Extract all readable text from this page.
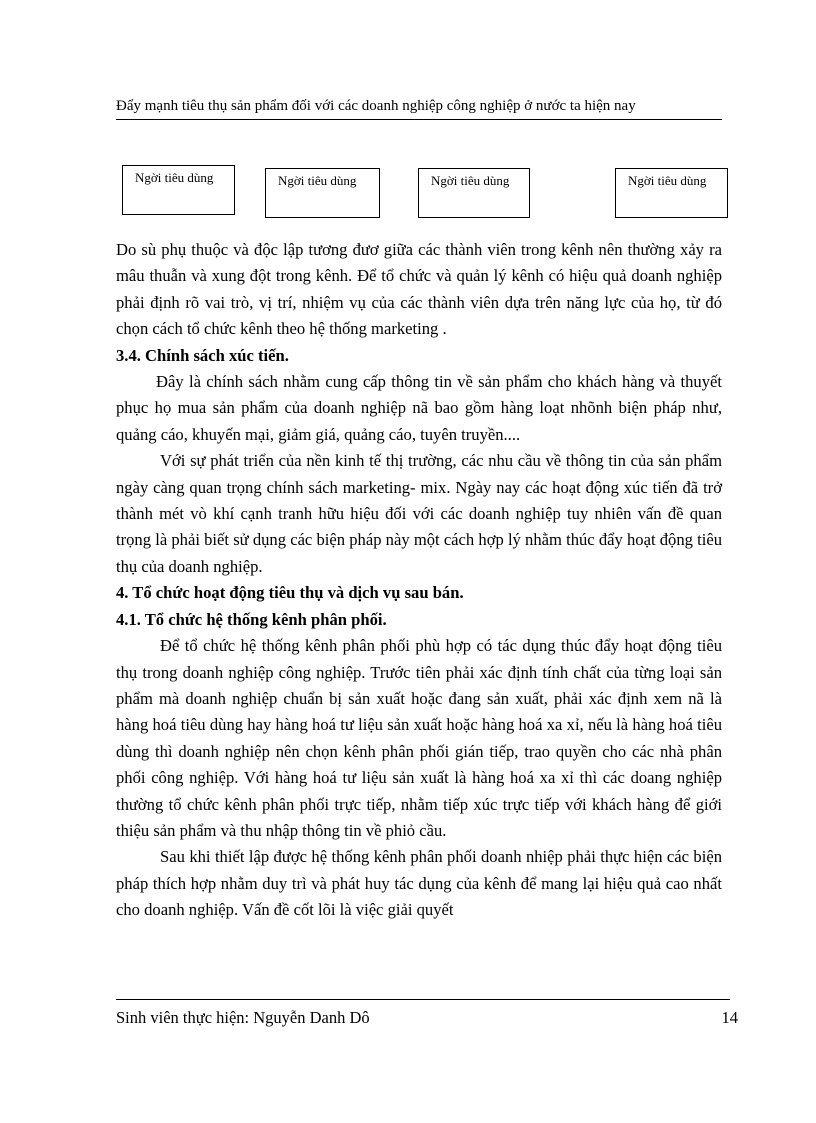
Đẩy mạnh tiêu thụ sản phẩm đối với các doanh nghiệp công nghiệp ở nước ta hiện nay
Ngời tiêu dùng	Ngời tiêu dùng	Ngời tiêu dùng	Ngời tiêu dùng

Do sù phụ thuộc và độc lập tương đươ giữa các thành viên trong kênh nên thường xảy ra mâu thuẫn và xung đột trong kênh. Để tổ chức và quản lý kênh có hiệu quả doanh nghiệp phải định rõ vai trò, vị trí, nhiệm vụ của các thành viên dựa trên năng lực của họ, từ đó chọn cách tổ chức kênh theo hệ thống marketing .

3.4. Chính sách xúc tiến.

Đây là chính sách nhằm cung cấp thông tin về sản phẩm cho khách hàng và thuyết phục họ mua sản phẩm của doanh nghiệp nã bao gồm hàng loạt nhõnh biện pháp như, quảng cáo, khuyến mại, giảm giá, quảng cáo, tuyên truyền....

Với sự phát triển của nền kinh tế thị trường, các nhu cầu về thông tin của sản phẩm ngày càng quan trọng chính sách marketing- mix. Ngày nay các hoạt động xúc tiến đã trở thành mét vò khí cạnh tranh hữu hiệu đối với các doanh nghiệp tuy nhiên vấn đề quan trọng là phải biết sử dụng các biện pháp này một cách hợp lý nhằm thúc đẩy hoạt động tiêu thụ của doanh nghiệp.

4. Tổ chức hoạt động tiêu thụ và dịch vụ sau bán.
4.1. Tổ chức hệ thống kênh phân phối.

Để tổ chức hệ thống kênh phân phối phù hợp có tác dụng thúc đẩy hoạt động tiêu thụ trong doanh nghiệp công nghiệp. Trước tiên phải xác định tính chất của từng loại sản phẩm mà doanh nghiệp chuẩn bị sản xuất hoặc đang sản xuất, phải xác định xem nã là hàng hoá tiêu dùng hay hàng hoá tư liệu sản xuất hoặc hàng hoá xa xỉ, nếu là hàng hoá tiêu dùng thì doanh nghiệp nên chọn kênh phân phối gián tiếp, trao quyền cho các nhà phân phối công nghiệp. Với hàng hoá tư liệu sản xuất là hàng hoá xa xỉ thì các doang nghiệp thường tổ chức kênh phân phối trực tiếp, nhằm tiếp xúc trực tiếp với khách hàng để giới thiệu sản phẩm và thu nhập thông tin về phiỏ cầu.

Sau khi thiết lập được hệ thống kênh phân phối doanh nhiệp phải thực hiện các biện pháp thích hợp nhằm duy trì và phát huy tác dụng của kênh để mang lại hiệu quả cao nhất cho doanh nghiệp. Vấn đề cốt lõi là việc giải quyết

Sinh viên thực hiện: Nguyễn Danh Dô	14
